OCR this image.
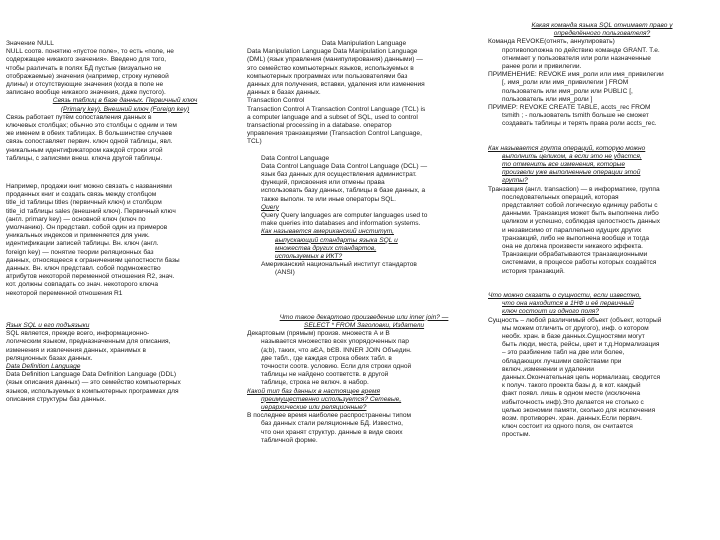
Значение NULL

NULL соотв. понятию «пустое поле», то есть «поле, не

содержащее никакого значения». Введено для того,

чтобы различать в полях БД пустые (визуально не

отображаемые) значения (например, строку нулевой

длины) и отсутствующие значения (когда в поле не

записано вообще никакого значения, даже пустого).

Связь таблиц в базе данных. Первичный ключ

(Primary key). Внешний ключ (Foreign key)

Связь работает путём сопоставления данных в

ключевых столбцах; обычно это столбцы с одним и тем

же именем в обеих таблицах. В большинстве случаев

связь сопоставляет первич. ключ одной таблицы, явл.

уникальным идентификатором каждой строки этой

таблицы, с записями внеш. ключа другой таблицы.

Например, продажи книг можно связать с названиями

проданных книг и создать связь между столбцом

title_id таблицы titles (первичный ключ) и столбцом

title_id таблицы sales (внешний ключ). Первичный ключ

(англ. primary key) — основной ключ (ключ по

умолчанию). Он представл. собой один из примеров

уникальных индексов и применяется для уник.

идентификации записей таблицы. Вн. ключ (англ.

foreign key) — понятие теории реляционных баз

данных, относящееся к ограничениям целостности базы

данных. Вн. ключ представл. собой подмножество

атрибутов некоторой переменной отношения R2, знач.

кот. должны совпадать со знач. некоторого ключа

некоторой переменной отношения R1

Язык SQL и его подъязыки

SQL является, прежде всего, информационно-

логическим языком, предназначенным для описания,

изменения и извлечения данных, хранимых в

реляционных базах данных.

Data Definition Language

Data Definition Language Data Definition Language (DDL)

(язык описания данных) — это семейство компьютерных

языков, используемых в компьютерных программах для

описания структуры баз данных.

Data Manipulation Language

Data Manipulation Language Data Manipulation Language

(DML) (язык управления (манипулирования) данными) —

это семейство компьютерных языков, используемых в

компьютерных программах или пользователями баз

данных для получения, вставки, удаления или изменения

данных в базах данных.

Transaction Control

Transaction Control A Transaction Control Language (TCL) is

a computer language and a subset of SQL, used to control

transactional processing in a database. оператор

управления транзакциями (Transaction Control Language,

TCL)

Data Control Language

Data Control Language Data Control Language (DCL) —

язык баз данных для осуществления администрат.

функций, присвоения или отмены права

использовать базу данных, таблицы в базе данных, а

также выполн. те или иные операторы SQL.

Query

Query Query languages are computer languages used to

make queries into databases and information systems.

Как называется американский институт,

выпускающий стандарты языка SQL и

множества других стандартов,

используемых в ИКТ?

Американский национальный институт стандартов

(ANSI)

Что такое декартово произведение или inner join? —

SELECT * FROM Заголовки, Издатели

Декартовым (прямым) произв. множеств А и В

называется множество всех упорядоченных пар

(a;b), таких, что aЄA, bЄB. INNER JOIN Объедин.

две табл., где каждая строка обеих табл. в

точности соотв. условию. Если для строки одной

таблицы не найдено соответств. в другой

таблице, строка не включ. в набор.

Какой тип баз данных в настоящее время

преимущественно используется? Сетевые,

иерархические или реляционные?

В последнее время наиболее распространены типом

баз данных стали реляционные БД. Известно,

что они хранят структур. данные в виде своих

табличной форме.

Какая команда языка SQL отнимает право у

определённого пользователя?

Команда REVOKE(отнять, аннулировать)

противоположна по действию команде GRANT. Т.е.

отнимает у пользователя или роли назначенные

ранее роли и привилегии.

ПРИМЕНЕНИЕ: REVOKE имя_роли или имя_привилегии

[, имя_роли или имя_привилегии ] FROM

пользователь или имя_роли или PUBLIC [,

пользователь или имя_роли ]

ПРИМЕР: REVOKE CREATE TABLE, accts_rec FROM

tsmith ; - пользователь tsmith больше не сможет

создавать таблицы и терять права роли accts_rec.

Как называется группа операций, которую можно

выполнить целиком, а если это не удастся,

то отменить все изменения, которые

произвели уже выполненные операции этой

группы?

Транзакция (англ. transaction) — в информатике, группа

последовательных операций, которая

представляет собой логическую единицу работы с

данными. Транзакция может быть выполнена либо

целиком и успешно, соблюдая целостность данных

и независимо от параллельно идущих других

транзакций, либо не выполнена вообще и тогда

она не должна произвести никакого эффекта.

Транзакции обрабатываются транзакционными

системами, в процессе работы которых создаётся

история транзакций.

Что можно сказать о сущности, если известно,

что она находится в 1НФ и её первичный

ключ состоит из одного поля?

Сущность – любой различимый объект (объект, который

мы можем отличить от другого), инф. о котором

необх. хран. в базе данных.Сущностями могут

быть люди, места, рейсы, цвет и т.д.Нормализация

– это разбиение табл на две или более,

обладающих лучшими свойствами при

включ.,изменении и удалении

данных.Окончательная цель нормализац. сводится

к получ. такого проекта базы д. в кот. каждый

факт появл. лишь в одном месте (исключена

избыточность инф).Это делается не столько с

целью экономии памяти, сколько для исключения

возм. противореч. хран. данных.Если первич.

ключ состоит из одного поля, он считается

простым.
